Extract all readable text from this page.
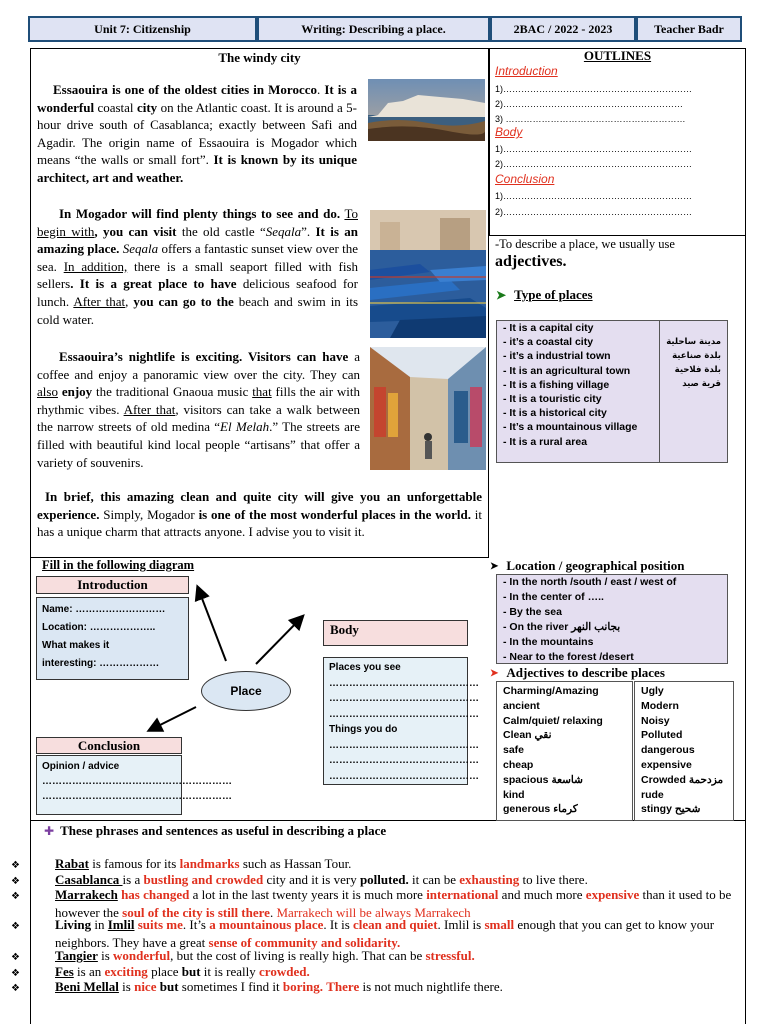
Unit 7: Citizenship	Writing: Describing a place.	2BAC / 2022 - 2023	Teacher Badr
The windy city
Essaouira is one of the oldest cities in Morocco. It is a wonderful coastal city on the Atlantic coast. It is around a 5-hour drive south of Casablanca; exactly between Safi and Agadir. The origin name of Essaouira is Mogador which means “the walls or small fort”. It is known by its unique architect, art and weather.
In Mogador will find plenty things to see and do. To begin with, you can visit the old castle “Seqala”. It is an amazing place. Seqala offers a fantastic sunset view over the sea. In addition, there is a small seaport filled with fish sellers. It is a great place to have delicious seafood for lunch. After that, you can go to the beach and swim in its cold water.
Essaouira’s nightlife is exciting. Visitors can have a coffee and enjoy a panoramic view over the city. They can also enjoy the traditional Gnaoua music that fills the air with rhythmic vibes. After that, visitors can take a walk between the narrow streets of old medina “El Melah.” The streets are filled with beautiful kind local people “artisans” that offer a variety of souvenirs.
In brief, this amazing clean and quite city will give you an unforgettable experience. Simply, Mogador is one of the most wonderful places in the world. it has a unique charm that attracts anyone. I advise you to visit it.
OUTLINES
Introduction
1)………………………………………………………
2)……………………………………………………
3) ……………………………………………………
Body
1)………………………………………………………
2)………………………………………………………
Conclusion
1)………………………………………………………
2)………………………………………………………
-To describe a place, we usually use
adjectives.
➤ Type of places
- It is a capital city
- it’s a coastal city
- it’s a industrial town
- It is an agricultural town
- It is a fishing village
- It is a touristic city
- It is a historical city
- It’s a mountainous village
- It is a rural area
مدينة ساحلية
بلدة صناعية
بلدة فلاحية
قرية صيد
➤ Location / geographical position
- In the north /south / east / west of
- In the center of …..
- By the sea
- On the river بجانب النهر
- In the mountains
- Near to the forest /desert
➤ Adjectives to describe places
Charming/Amazing
ancient
Calm/quiet/ relaxing
Clean نقي
safe
cheap
spacious شاسعة
kind
generous كرماء
Ugly
Modern
Noisy
Polluted
dangerous
expensive
Crowded مزدحمة
rude
stingy شحيح
Fill in the following diagram
Introduction
Name: ………………………
Location: ………………..
What makes it
interesting: ………………
Body
Places you see
………………………………………
………………………………………
………………………………………
Things you do
………………………………………
………………………………………
………………………………………
Place
Conclusion
Opinion / advice
…………………………………………………
…………………………………………………
✚ These phrases and sentences as useful in describing a place
❖	Rabat is famous for its landmarks such as Hassan Tour.
❖	Casablanca is a bustling and crowded city and it is very polluted. it can be exhausting to live there.
❖	Marrakech has changed a lot in the last twenty years it is much more international and much more expensive than it used to be however the soul of the city is still there. Marrakech will be always Marrakech
❖	Living in Imlil suits me. It’s a mountainous place. It is clean and quiet. Imlil is small enough that you can get to know your neighbors. They have a great sense of community and solidarity.
❖	Tangier is wonderful, but the cost of living is really high. That can be stressful.
❖	Fes is an exciting place but it is really crowded.
❖	Beni Mellal is nice but sometimes I find it boring. There is not much nightlife there.
